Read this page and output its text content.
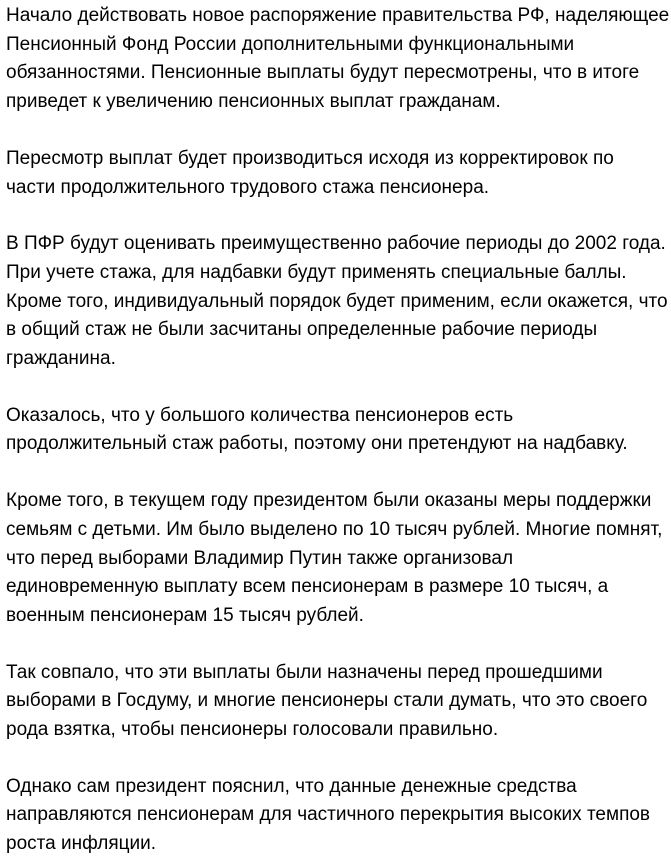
Начало действовать новое распоряжение правительства РФ, наделяющее
Пенсионный Фонд России дополнительными функциональными
обязанностями. Пенсионные выплаты будут пересмотрены, что в итоге
приведет к увеличению пенсионных выплат гражданам.

Пересмотр выплат будет производиться исходя из корректировок по
части продолжительного трудового стажа пенсионера.

В ПФР будут оценивать преимущественно рабочие периоды до 2002 года.
При учете стажа, для надбавки будут применять специальные баллы.
Кроме того, индивидуальный порядок будет применим, если окажется, что
в общий стаж не были засчитаны определенные рабочие периоды
гражданина.

Оказалось, что у большого количества пенсионеров есть
продолжительный стаж работы, поэтому они претендуют на надбавку.

Кроме того, в текущем году президентом были оказаны меры поддержки
семьям с детьми. Им было выделено по 10 тысяч рублей. Многие помнят,
что перед выборами Владимир Путин также организовал
единовременную выплату всем пенсионерам в размере 10 тысяч, а
военным пенсионерам 15 тысяч рублей.

Так совпало, что эти выплаты были назначены перед прошедшими
выборами в Госдуму, и многие пенсионеры стали думать, что это своего
рода взятка, чтобы пенсионеры голосовали правильно.

Однако сам президент пояснил, что данные денежные средства
направляются пенсионерам для частичного перекрытия высоких темпов
роста инфляции.
